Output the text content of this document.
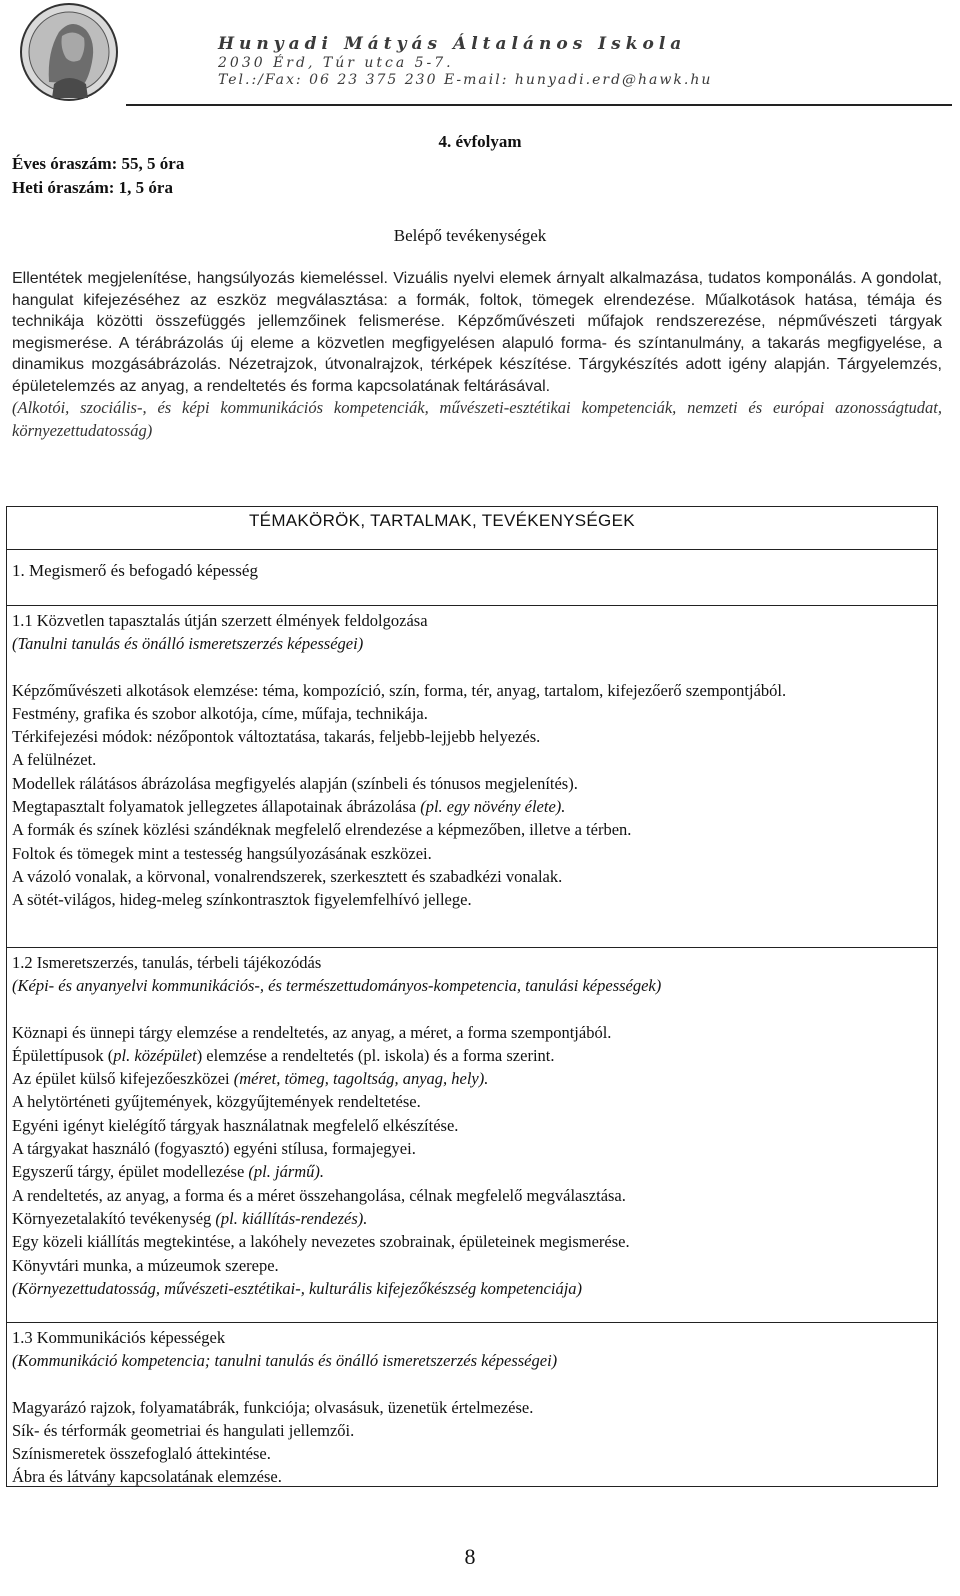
Hunyadi Mátyás Általános Iskola
2030 Érd, Túr utca 5-7.
Tel.:/Fax: 06 23 375 230 E-mail: hunyadi.erd@hawk.hu
4. évfolyam
Éves óraszám: 55, 5 óra
Heti óraszám: 1, 5 óra
Belépő tevékenységek
Ellentétek megjelenítése, hangsúlyozás kiemeléssel. Vizuális nyelvi elemek árnyalt alkalmazása, tudatos komponálás. A gondolat, hangulat kifejezéséhez az eszköz megválasztása: a formák, foltok, tömegek elrendezése. Műalkotások hatása, témája és technikája közötti összefüggés jellemzőinek felismerése. Képzőművészeti műfajok rendszerezése, népművészeti tárgyak megismerése. A térábrázolás új eleme a közvetlen megfigyelésen alapuló forma- és színtanulmány, a takarás megfigyelése, a dinamikus mozgásábrázolás. Nézetrajzok, útvonalrajzok, térképek készítése. Tárgykészítés adott igény alapján. Tárgyelemzés, épületelemzés az anyag, a rendeltetés és forma kapcsolatának feltárásával.
(Alkotói, szociális-, és képi kommunikációs kompetenciák, művészeti-esztétikai kompetenciák, nemzeti és európai azonosságtudat, környezettudatosság)
TÉMAKÖRÖK, TARTALMAK, TEVÉKENYSÉGEK
1. Megismerő és befogadó képesség
1.1 Közvetlen tapasztalás útján szerzett élmények feldolgozása
(Tanulni tanulás és önálló ismeretszerzés képességei)
Képzőművészeti alkotások elemzése: téma, kompozíció, szín, forma, tér, anyag, tartalom, kifejezőerő szempontjából.
Festmény, grafika és szobor alkotója, címe, műfaja, technikája.
Térkifejezési módok: nézőpontok változtatása, takarás, feljebb-lejjebb helyezés.
A felülnézet.
Modellek rálátásos ábrázolása megfigyelés alapján (színbeli és tónusos megjelenítés).
Megtapasztalt folyamatok jellegzetes állapotainak ábrázolása (pl. egy növény élete).
A formák és színek közlési szándéknak megfelelő elrendezése a képmezőben, illetve a térben.
Foltok és tömegek mint a testesség hangsúlyozásának eszközei.
A vázoló vonalak, a körvonal, vonalrendszerek, szerkesztett és szabadkézi vonalak.
A sötét-világos, hideg-meleg színkontrasztok figyelemfelhívó jellege.
1.2 Ismeretszerzés, tanulás, térbeli tájékozódás
(Képi- és anyanyelvi kommunikációs-, és természettudományos-kompetencia, tanulási képességek)
Köznapi és ünnepi tárgy elemzése a rendeltetés, az anyag, a méret, a forma szempontjából.
Épülettípusok (pl. középület) elemzése a rendeltetés (pl. iskola) és a forma szerint.
Az épület külső kifejezőeszközei (méret, tömeg, tagoltság, anyag, hely).
A helytörténeti gyűjtemények, közgyűjtemények rendeltetése.
Egyéni igényt kielégítő tárgyak használatnak megfelelő elkészítése.
A tárgyakat használó (fogyasztó) egyéni stílusa, formajegyei.
Egyszerű tárgy, épület modellezése (pl. jármű).
A rendeltetés, az anyag, a forma és a méret összehangolása, célnak megfelelő megválasztása.
Környezetalakító tevékenység (pl. kiállítás-rendezés).
Egy közeli kiállítás megtekintése, a lakóhely nevezetes szobrainak, épületeinek megismerése.
Könyvtári munka, a múzeumok szerepe.
(Környezettudatosság, művészeti-esztétikai-, kulturális kifejezőkészség kompetenciája)
1.3 Kommunikációs képességek
(Kommunikáció kompetencia; tanulni tanulás és önálló ismeretszerzés képességei)
Magyarázó rajzok, folyamatábrák, funkciója; olvasásuk, üzenetük értelmezése.
Sík- és térformák geometriai és hangulati jellemzői.
Színismeretek összefoglaló áttekintése.
Ábra és látvány kapcsolatának elemzése.
8
